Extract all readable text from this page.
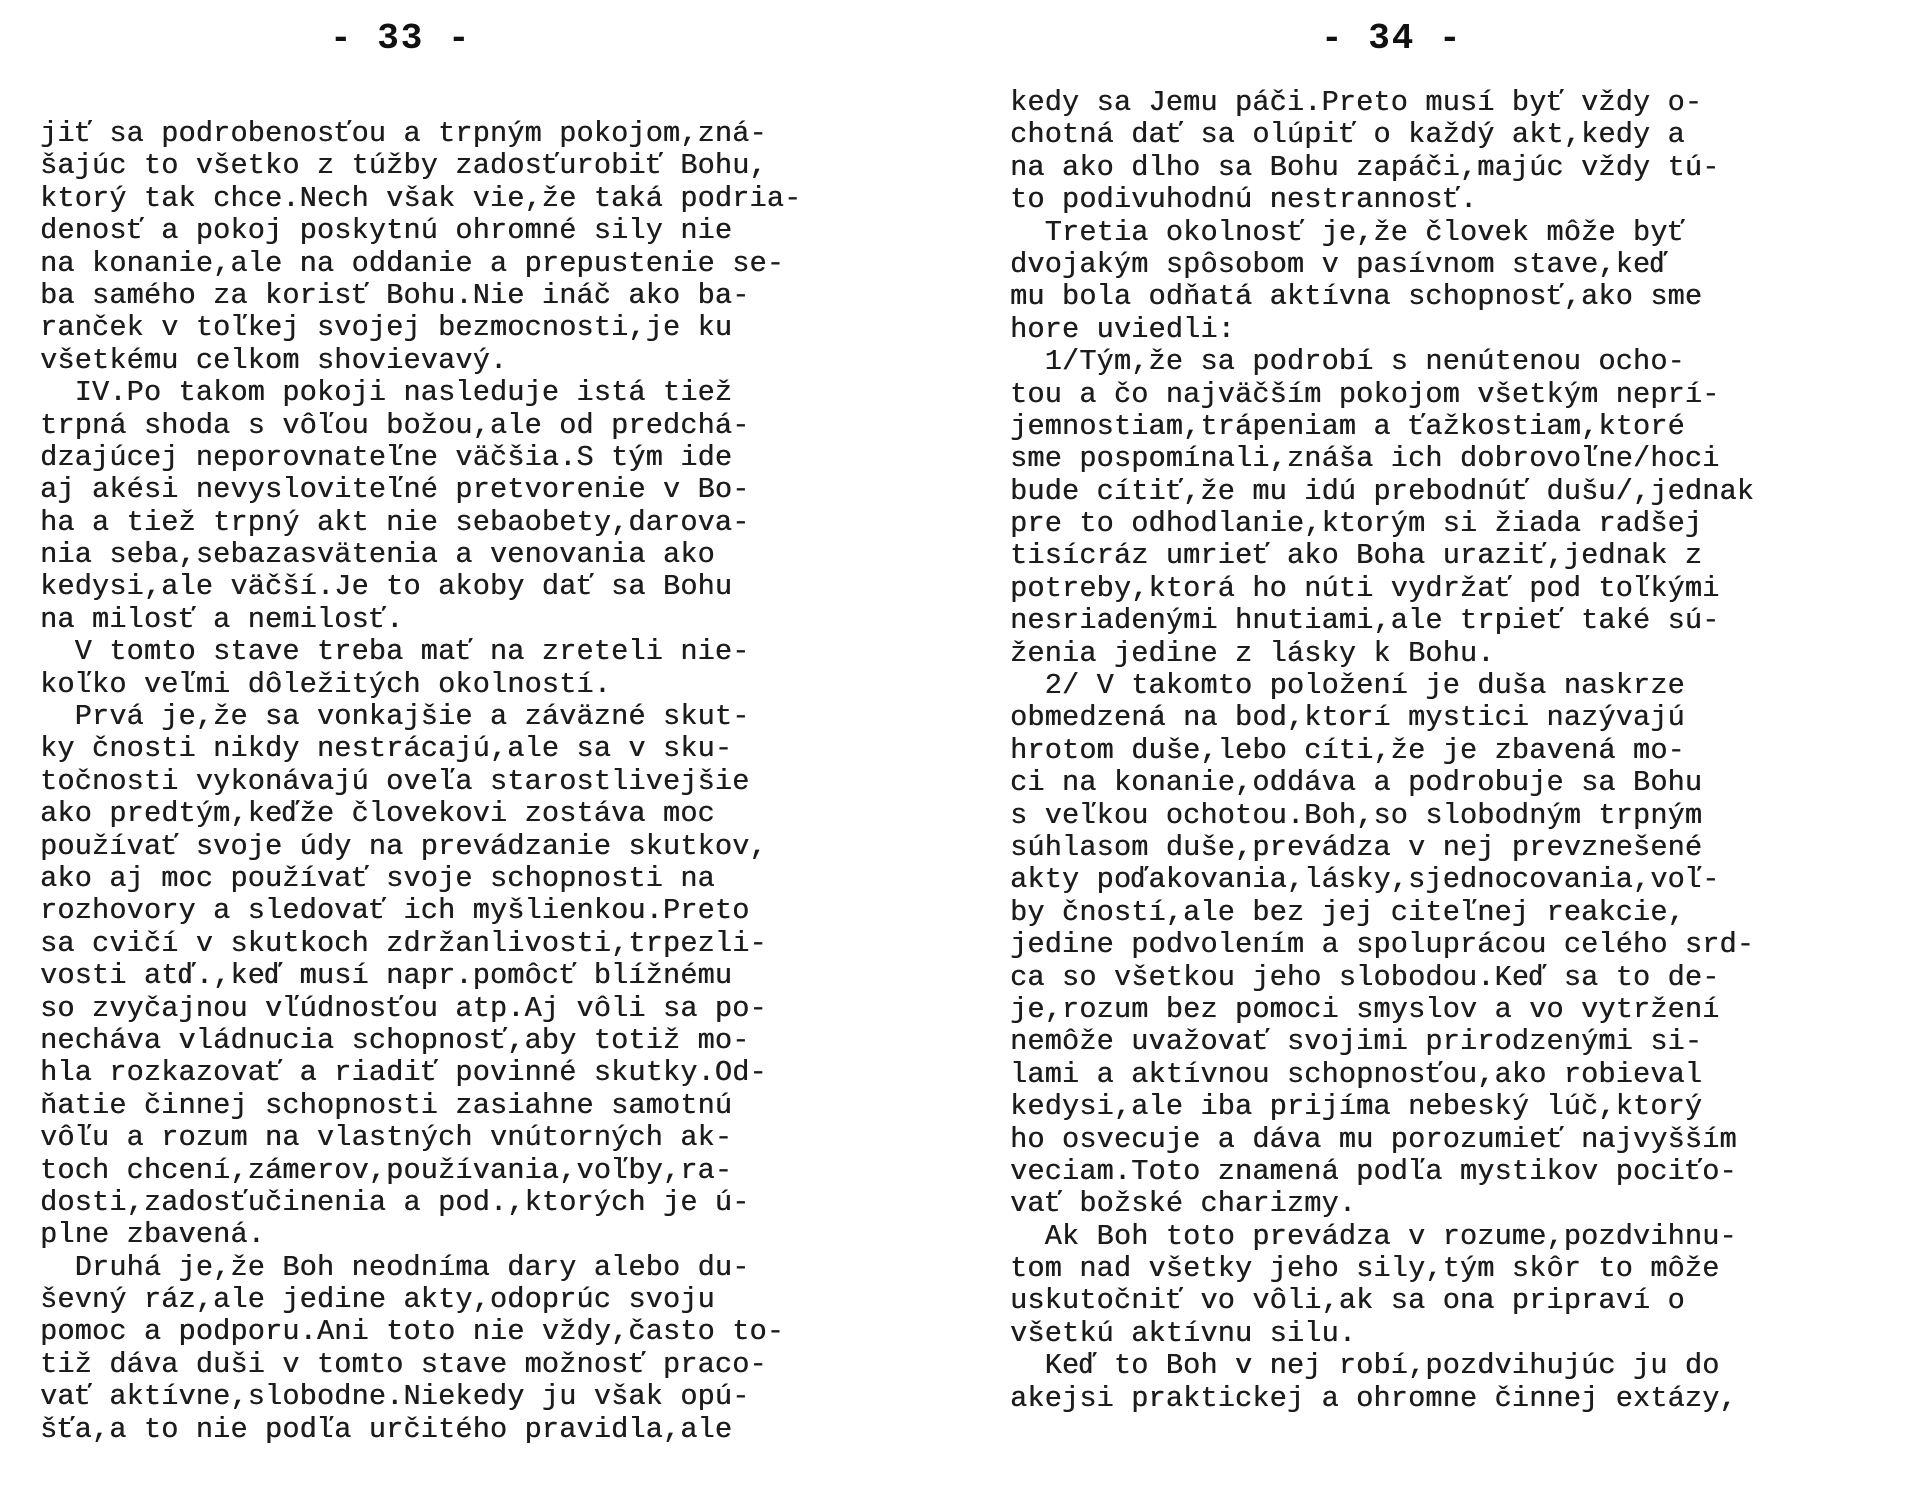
- 33 -
jiť sa podrobenosťou a trpným pokojom,zná-
šajúc to všetko z túžby zadosťurobiť Bohu,
ktorý tak chce.Nech však vie,že taká podria-
denosť a pokoj poskytnú ohromné sily nie
na konanie,ale na oddanie a prepustenie se-
ba samého za korisť Bohu.Nie ináč ako ba-
ranček v toľkej svojej bezmocnosti,je ku
všetkému celkom shovievavý.
IV.Po takom pokoji nasleduje istá tiež
trpná shoda s vôľou božou,ale od predchá-
dzajúcej neporovnateľne väčšia.S tým ide
aj akési nevysloviteľné pretvorenie v Bo-
ha a tiež trpný akt nie sebaobety,darova-
nia seba,sebazasvätenia a venovania ako
kedysi,ale väčší.Je to akoby dať sa Bohu
na milosť a nemilosť.
V tomto stave treba mať na zreteli nie-
koľko veľmi dôležitých okolností.
Prvá je,že sa vonkajšie a záväzné skut-
ky čnosti nikdy nestrácajú,ale sa v sku-
točnosti vykonávajú oveľa starostlivejšie
ako predtým,keďže človekovi zostáva moc
používať svoje údy na prevádzanie skutkov,
ako aj moc používať svoje schopnosti na
rozhovory a sledovať ich myšlienkou.Preto
sa cvičí v skutkoch zdržanlivosti,trpezli-
vosti atď.,keď musí napr.pomôcť blížnému
so zvyčajnou vľúdnosťou atp.Aj vôli sa po-
nechávа vládnucia schopnosť,aby totiž mo-
hla rozkazovať a riadiť povinné skutky.Od-
ňatie činnej schopnosti zasiahne samotnú
vôľu a rozum na vlastných vnútorných ak-
toch chcení,zámerov,používania,voľby,ra-
dosti,zadosťučinenia a pod.,ktorých je ú-
plne zbavená.
Druhá je,že Boh neodníma dary alebo du-
ševný ráz,ale jedine akty,odoprúc svoju
pomoc a podporu.Ani toto nie vždy,často to-
tiž dáva duši v tomto stave možnosť praco-
vať aktívne,slobodne.Niekedy ju však opú-
šťa,a to nie podľa určitého pravidla,ale
- 34 -
kedy sa Jemu páči.Preto musí byť vždy o-
chotná dať sa olúpiť o každý akt,kedy a
na ako dlho sa Bohu zapáči,majúc vždy tú-
to podivuhodnú nestrannosť.
Tretia okolnosť je,že človek môže byť
dvojakým spôsobom v pasívnom stave,keď
mu bola odňatá aktívna schopnosť,ako sme
hore uviedli:
1/Tým,že sa podrobí s nenútenou ocho-
tou a čo najväčším pokojom všetkým neprí-
jemnostiam,trápeniam a ťažkostiam,ktoré
sme pospomínali,znáša ich dobrovoľne/hoci
bude cítiť,že mu idú prebodnúť dušu/,jednak
pre to odhodlanie,ktorým si žiada radšej
tisícráz umrieť ako Boha uraziť,jednak z
potreby,ktorá ho núti vydržať pod toľkými
nesriadenými hnutiami,ale trpieť také sú-
ženia jedine z lásky k Bohu.
2/ V takomto položení je duša naskrze
obmedzená na bod,ktorí mystici nazývajú
hrotom duše,lebo cíti,že je zbavená mo-
ci na konanie,oddáva a podrobuje sa Bohu
s veľkou ochotou.Boh,so slobodným trpným
súhlasom duše,prevádza v nej prevznešené
akty poďakovania,lásky,sjednocovania,voľ-
by čností,ale bez jej citeľnej reakcie,
jedine podvolením a spoluprácou celého srd-
ca so všetkou jeho slobodou.Keď sa to de-
je,rozum bez pomoci smyslov a vo vytržení
nemôže uvažovať svojimi prirodzenými si-
lami a aktívnou schopnosťou,ako robieval
kedysi,ale iba prijíma nebeský lúč,ktorý
ho osvecuje a dáva mu porozumieť najvyšším
veciam.Toto znamená podľa mystikov pociťo-
vať božské charizmy.
Ak Boh toto prevádza v rozume,pozdvihnu-
tom nad všetky jeho sily,tým skôr to môže
uskutočniť vo vôli,ak sa ona pripraví o
všetkú aktívnu silu.
Keď to Boh v nej robí,pozdvihujúc ju do
akejsi praktickej a ohromne činnej extázy,
